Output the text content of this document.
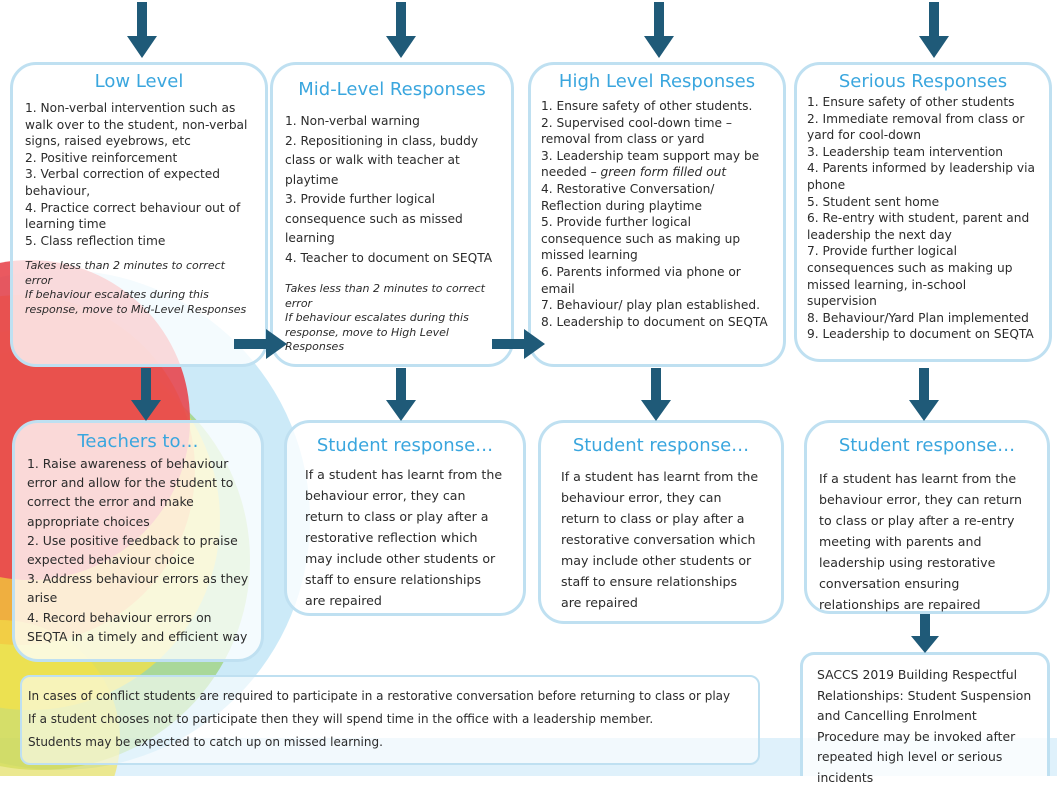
Low Level
1. Non-verbal intervention such as walk over to the student, non-verbal signs, raised eyebrows, etc
2. Positive reinforcement
3. Verbal correction of expected behaviour,
4. Practice correct behaviour out of learning time
5. Class reflection time

Takes less than 2 minutes to correct error

If behaviour escalates during this response, move to Mid-Level Responses

Mid-Level Responses
1. Non-verbal warning
2. Repositioning in class, buddy class or walk with teacher at playtime
3. Provide further logical consequence such as missed learning
4. Teacher to document on SEQTA

Takes less than 2 minutes to correct error

If behaviour escalates during this response, move to High Level Responses

High Level Responses
1. Ensure safety of other students.
2. Supervised cool-down time – removal from class or yard
3. Leadership team support may be needed – green form filled out
4. Restorative Conversation/ Reflection during playtime
5. Provide further logical consequence such as making up missed learning
6. Parents informed via phone or email
7. Behaviour/ play plan established.
8. Leadership to document on SEQTA
Serious Responses
1. Ensure safety of other students
2. Immediate removal from class or yard for cool-down
3. Leadership team intervention
4. Parents informed by leadership via phone
5. Student sent home
6. Re-entry with student, parent and leadership the next day
7. Provide further logical consequences such as making up missed learning, in-school supervision
8. Behaviour/Yard Plan implemented
9. Leadership to document on SEQTA
Teachers to…
1. Raise awareness of behaviour error and allow for the student to correct the error and make appropriate choices
2. Use positive feedback to praise expected behaviour choice
3. Address behaviour errors as they arise
4. Record behaviour errors on SEQTA in a timely and efficient way
Student response…

If a student has learnt from the behaviour error, they can return to class or play after a restorative reflection which may include other students or staff to ensure relationships are repaired

Student response…

If a student has learnt from the behaviour error, they can return to class or play after a restorative conversation which may include other students or staff to ensure relationships are repaired

Student response…

If a student has learnt from the behaviour error, they can return to class or play after a re-entry meeting with parents and leadership using restorative conversation ensuring relationships are repaired

SACCS 2019 Building Respectful Relationships: Student Suspension and Cancelling Enrolment Procedure may be invoked after repeated high level or serious incidents

In cases of conflict students are required to participate in a restorative conversation before returning to class or play

If a student chooses not to participate then they will spend time in the office with a leadership member.

Students may be expected to catch up on missed learning.
